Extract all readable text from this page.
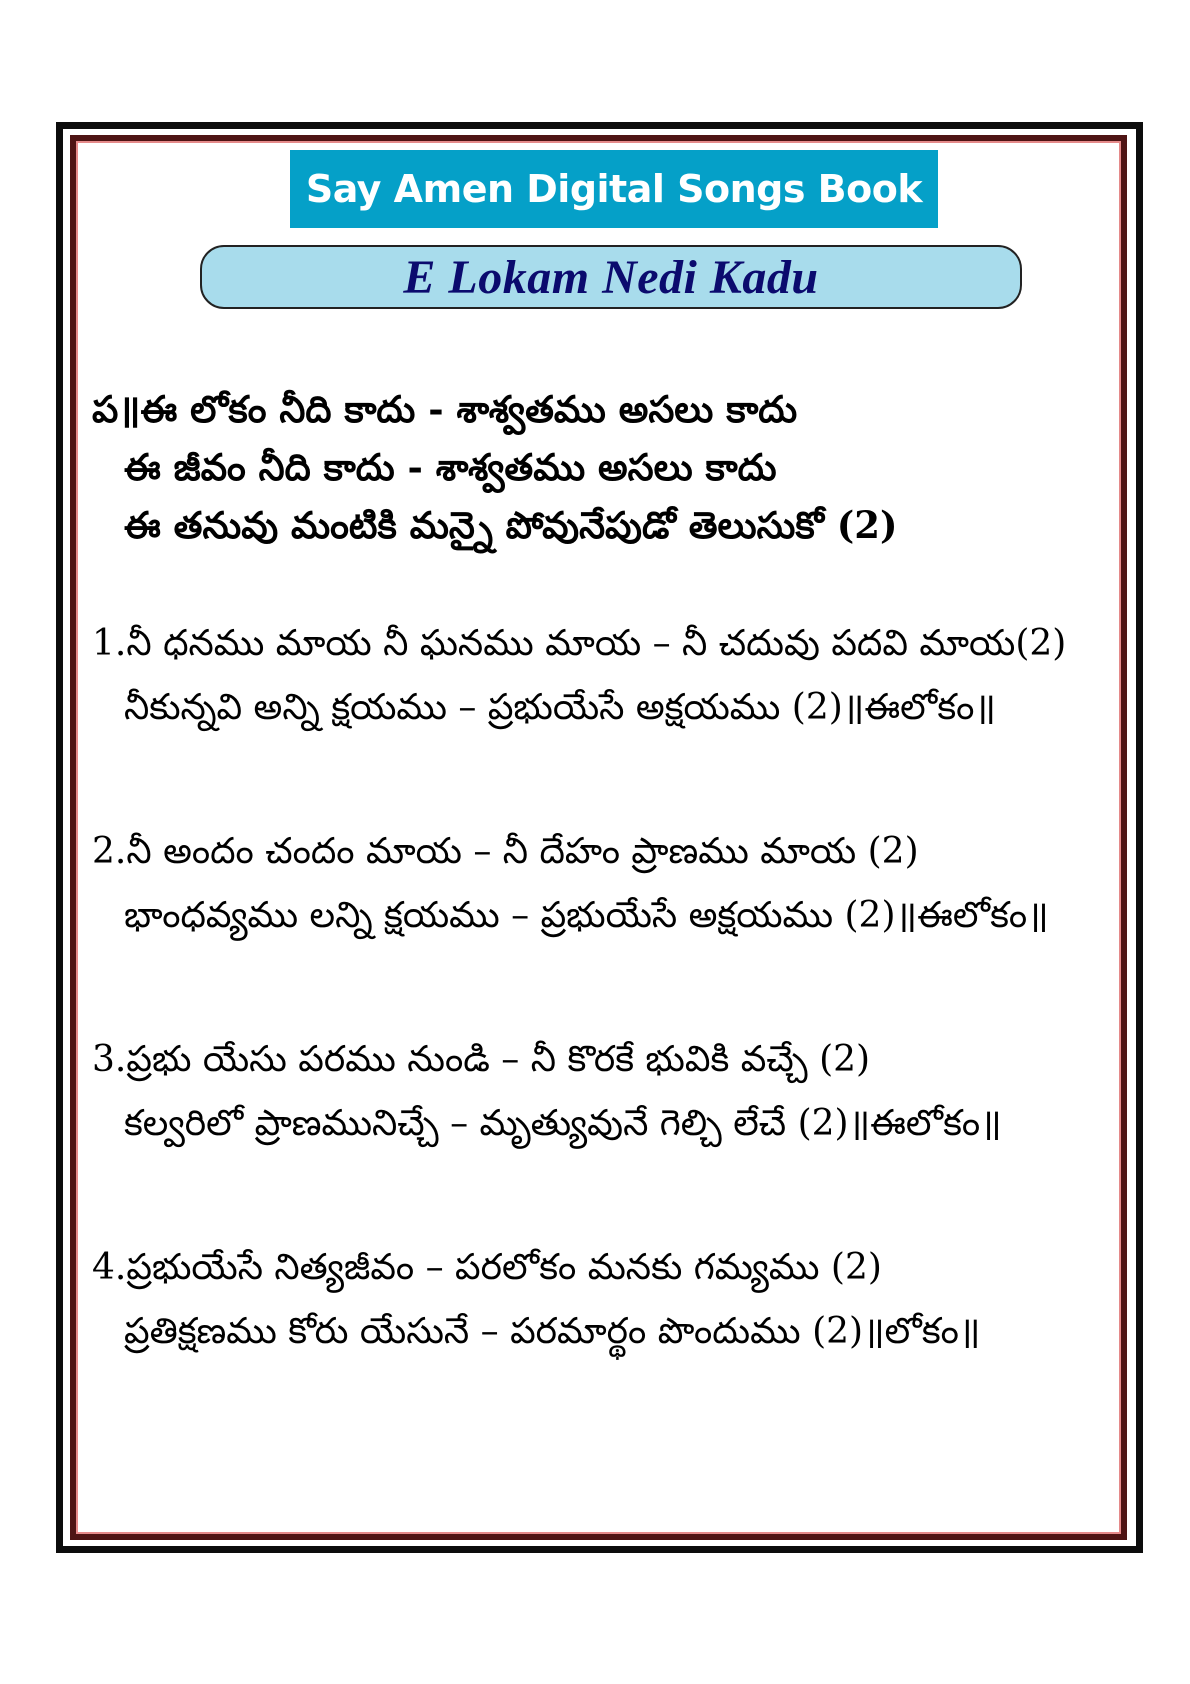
Say Amen Digital Songs Book
E Lokam Nedi Kadu
ప॥ఈ లోకం నీది కాదు - శాశ్వతము అసలు కాదు
ఈ జీవం నీది కాదు - శాశ్వతము అసలు కాదు
ఈ తనువు మంటికి మన్నై పోవునేపుడో తెలుసుకో (2)
1.నీ ధనము మాయ నీ ఘనము మాయ – నీ చదువు పదవి మాయ(2)
నీకున్నవి అన్ని క్షయము – ప్రభుయేసే అక్షయము (2)॥ఈలోకం॥
2.నీ అందం చందం మాయ – నీ దేహం ప్రాణము మాయ (2)
భాంధవ్యము లన్ని క్షయము – ప్రభుయేసే అక్షయము (2)॥ఈలోకం॥
3.ప్రభు యేసు పరము నుండి – నీ కొరకే భువికి వచ్చే (2)
కల్వరిలో ప్రాణమునిచ్చే – మృత్యువునే గెల్చి లేచే (2)॥ఈలోకం॥
4.ప్రభుయేసే నిత్యజీవం – పరలోకం మనకు గమ్యము (2)
ప్రతిక్షణము కోరు యేసునే – పరమార్థం పొందుము (2)॥లోకం॥
